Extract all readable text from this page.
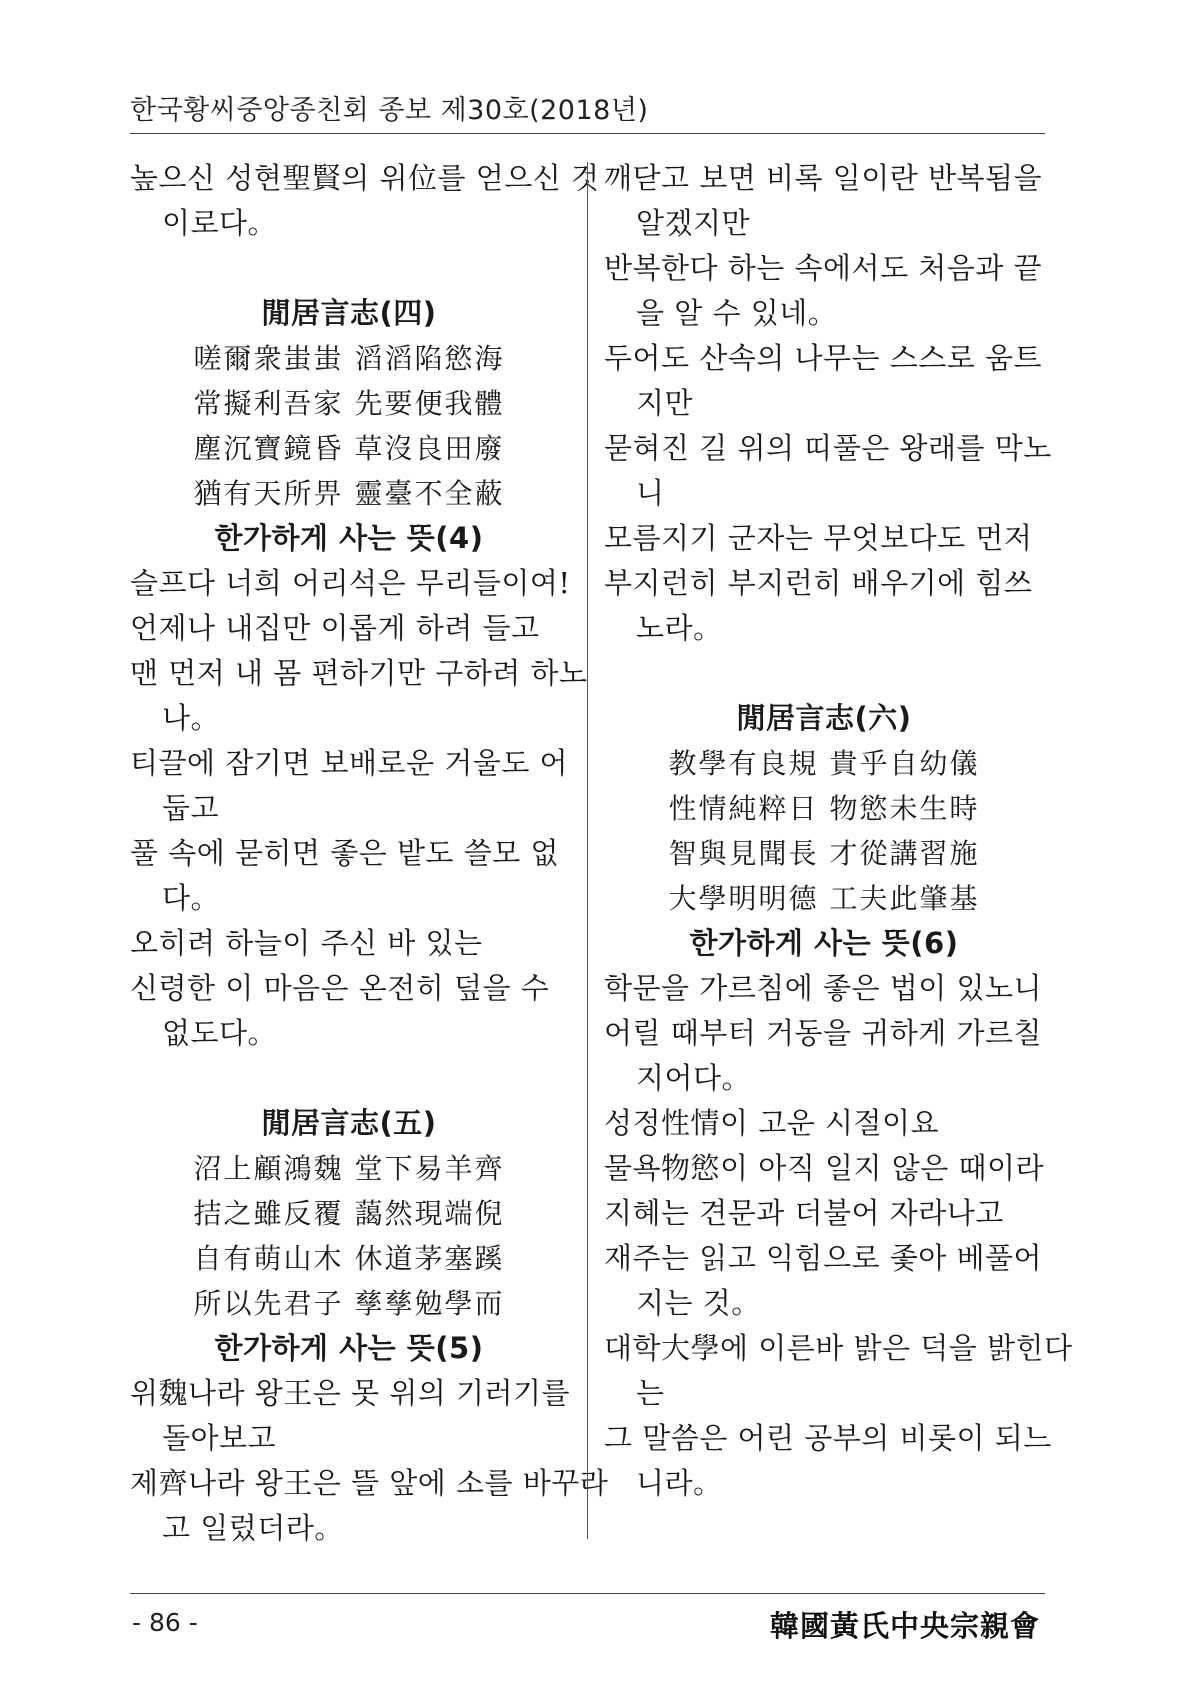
한국황씨중앙종친회 종보 제30호(2018년)
높으신 성현聖賢의 위位를 얻으신 것
이로다。
閒居言志(四)
嗟爾衆蚩蚩 滔滔陷慾海
常擬利吾家 先要便我體
塵沉寶鏡昏 草沒良田廢
猶有天所畀 靈臺不全蔽
한가하게 사는 뜻(4)
슬프다 너희 어리석은 무리들이여!
언제나 내집만 이롭게 하려 들고
맨 먼저 내 몸 편하기만 구하려 하노
나。
티끌에 잠기면 보배로운 거울도 어
둡고
풀 속에 묻히면 좋은 밭도 쓸모 없
다。
오히려 하늘이 주신 바 있는
신령한 이 마음은 온전히 덮을 수
없도다。
閒居言志(五)
沼上顧鴻魏 堂下易羊齊
拮之雖反覆 藹然現端倪
自有萌山木 休道茅塞蹊
所以先君子 孳孳勉學而
한가하게 사는 뜻(5)
위魏나라 왕王은 못 위의 기러기를
돌아보고
제齊나라 왕王은 뜰 앞에 소를 바꾸라
고 일렀더라。
깨닫고 보면 비록 일이란 반복됨을
알겠지만
반복한다 하는 속에서도 처음과 끝
을 알 수 있네。
두어도 산속의 나무는 스스로 움트
지만
묻혀진 길 위의 띠풀은 왕래를 막노
니
모름지기 군자는 무엇보다도 먼저
부지런히 부지런히 배우기에 힘쓰
노라。
閒居言志(六)
教學有良規 貴乎自幼儀
性情純粹日 物慾未生時
智與見聞長 才從講習施
大學明明德 工夫此肇基
한가하게 사는 뜻(6)
학문을 가르침에 좋은 법이 있노니
어릴 때부터 거동을 귀하게 가르칠
지어다。
성정性情이 고운 시절이요
물욕物慾이 아직 일지 않은 때이라
지혜는 견문과 더불어 자라나고
재주는 읽고 익힘으로 좇아 베풀어
지는 것。
대학大學에 이른바 밝은 덕을 밝힌다
는
그 말씀은 어린 공부의 비롯이 되느
니라。
- 86 -	韓國黃氏中央宗親會
